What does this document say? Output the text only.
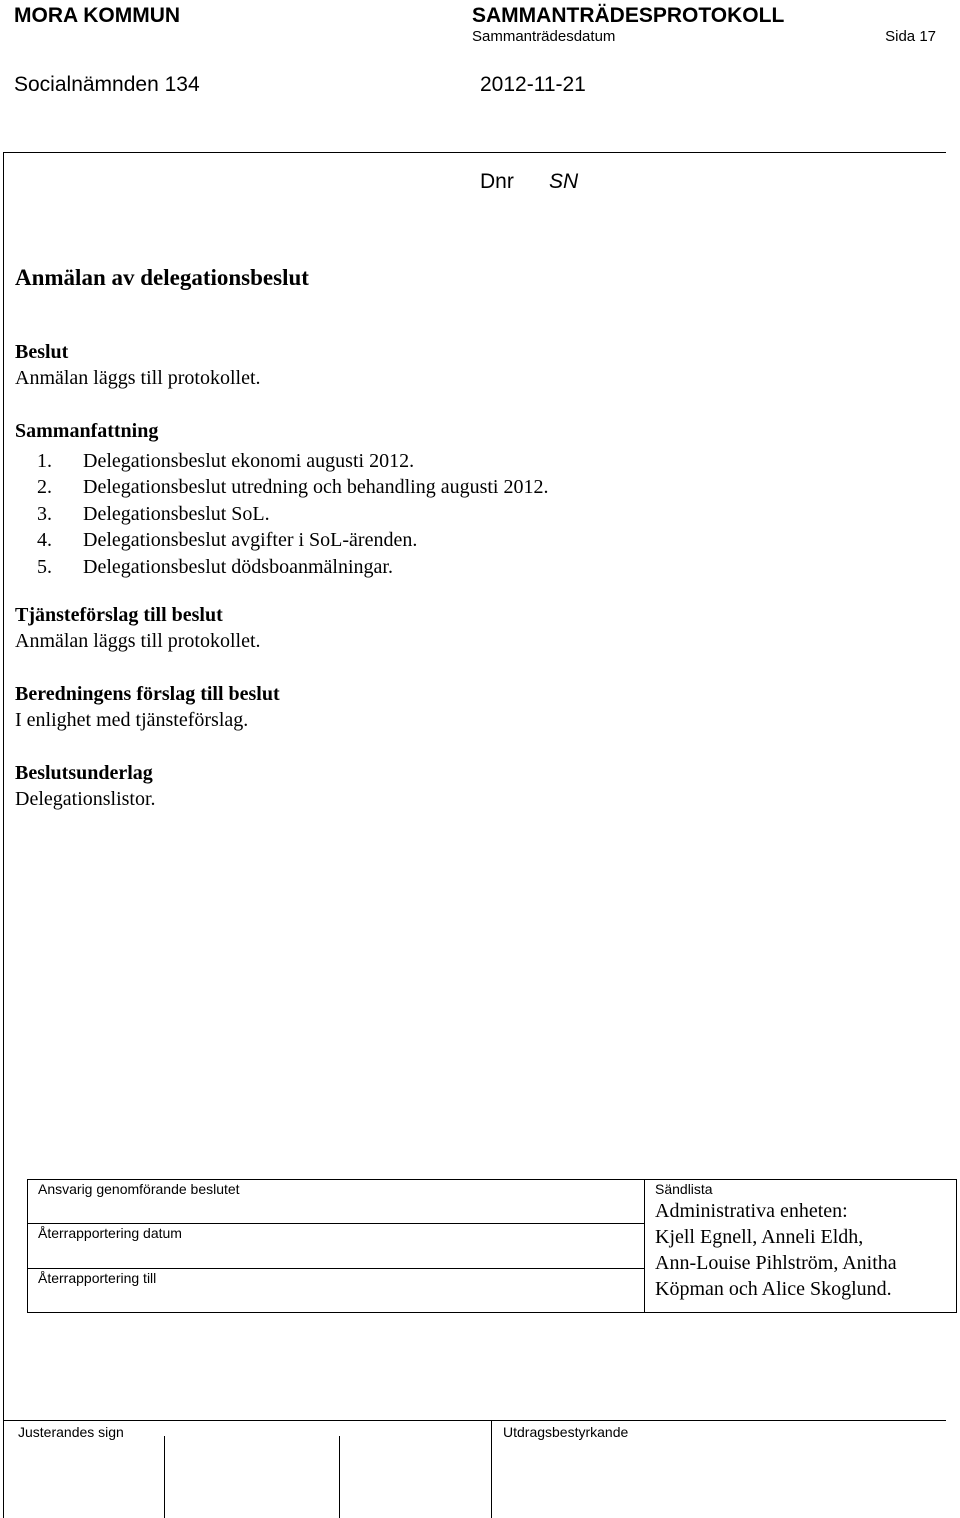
MORA KOMMUN	SAMMANTRÄDESPROTOKOLL
Sammanträdesdatum	Sida 17
Socialnämnden 134	2012-11-21
Dnr SN
Anmälan av delegationsbeslut
Beslut
Anmälan läggs till protokollet.
Sammanfattning
1. Delegationsbeslut ekonomi augusti 2012.
2. Delegationsbeslut utredning och behandling augusti 2012.
3. Delegationsbeslut SoL.
4. Delegationsbeslut avgifter i SoL-ärenden.
5. Delegationsbeslut dödsboanmälningar.
Tjänsteförslag till beslut
Anmälan läggs till protokollet.
Beredningens förslag till beslut
I enlighet med tjänsteförslag.
Beslutsunderlag
Delegationslistor.
Ansvarig genomförande beslutet
Återrapportering datum
Återrapportering till
Sändlista
Administrativa enheten:
Kjell Egnell, Anneli Eldh,
Ann-Louise Pihlström, Anitha
Köpman och Alice Skoglund.
Justerandes sign	Utdragsbestyrkande
